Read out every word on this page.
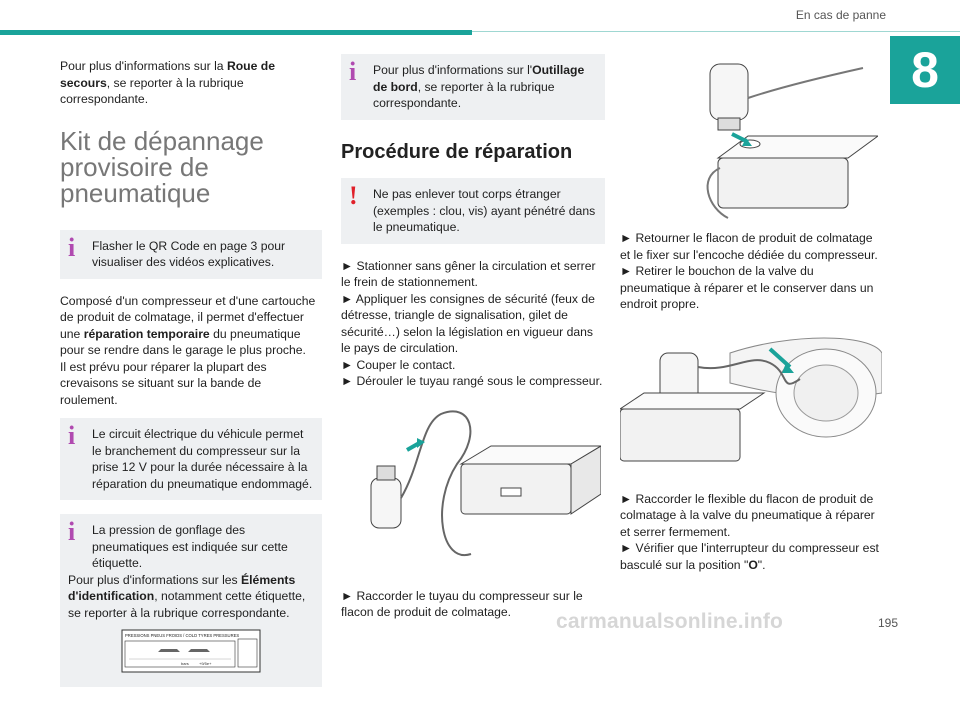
En cas de panne
8

Pour plus d'informations sur la Roue de secours, se reporter à la rubrique correspondante.

Kit de dépannage provisoire de pneumatique
i	Flasher le QR Code en page 3 pour visualiser des vidéos explicatives.

Composé d'un compresseur et d'une cartouche de produit de colmatage, il permet d'effectuer une réparation temporaire du pneumatique pour se rendre dans le garage le plus proche.

Il est prévu pour réparer la plupart des crevaisons se situant sur la bande de roulement.

i	Le circuit électrique du véhicule permet le branchement du compresseur sur la prise 12 V pour la durée nécessaire à la réparation du pneumatique endommagé.

i	La pression de gonflage des pneumatiques est indiquée sur cette étiquette.

Pour plus d'informations sur les Éléments d'identification, notamment cette étiquette, se reporter à la rubrique correspondante.

PRESSIONS PNEUS FROIDS / COLD TYRES PRESSURES
bars	+9/5e+
i	Pour plus d'informations sur l'Outillage de bord, se reporter à la rubrique correspondante.

Procédure de réparation
!	Ne pas enlever tout corps étranger (exemples : clou, vis) ayant pénétré dans le pneumatique.

► Stationner sans gêner la circulation et serrer le frein de stationnement.

► Appliquer les consignes de sécurité (feux de détresse, triangle de signalisation, gilet de sécurité…) selon la législation en vigueur dans le pays de circulation.

► Couper le contact.

► Dérouler le tuyau rangé sous le compresseur.

► Raccorder le tuyau du compresseur sur le flacon de produit de colmatage.

► Retourner le flacon de produit de colmatage et le fixer sur l'encoche dédiée du compresseur.

► Retirer le bouchon de la valve du pneumatique à réparer et le conserver dans un endroit propre.

► Raccorder le flexible du flacon de produit de colmatage à la valve du pneumatique à réparer et serrer fermement.

► Vérifier que l'interrupteur du compresseur est basculé sur la position "O".

carmanualsonline.info	195
